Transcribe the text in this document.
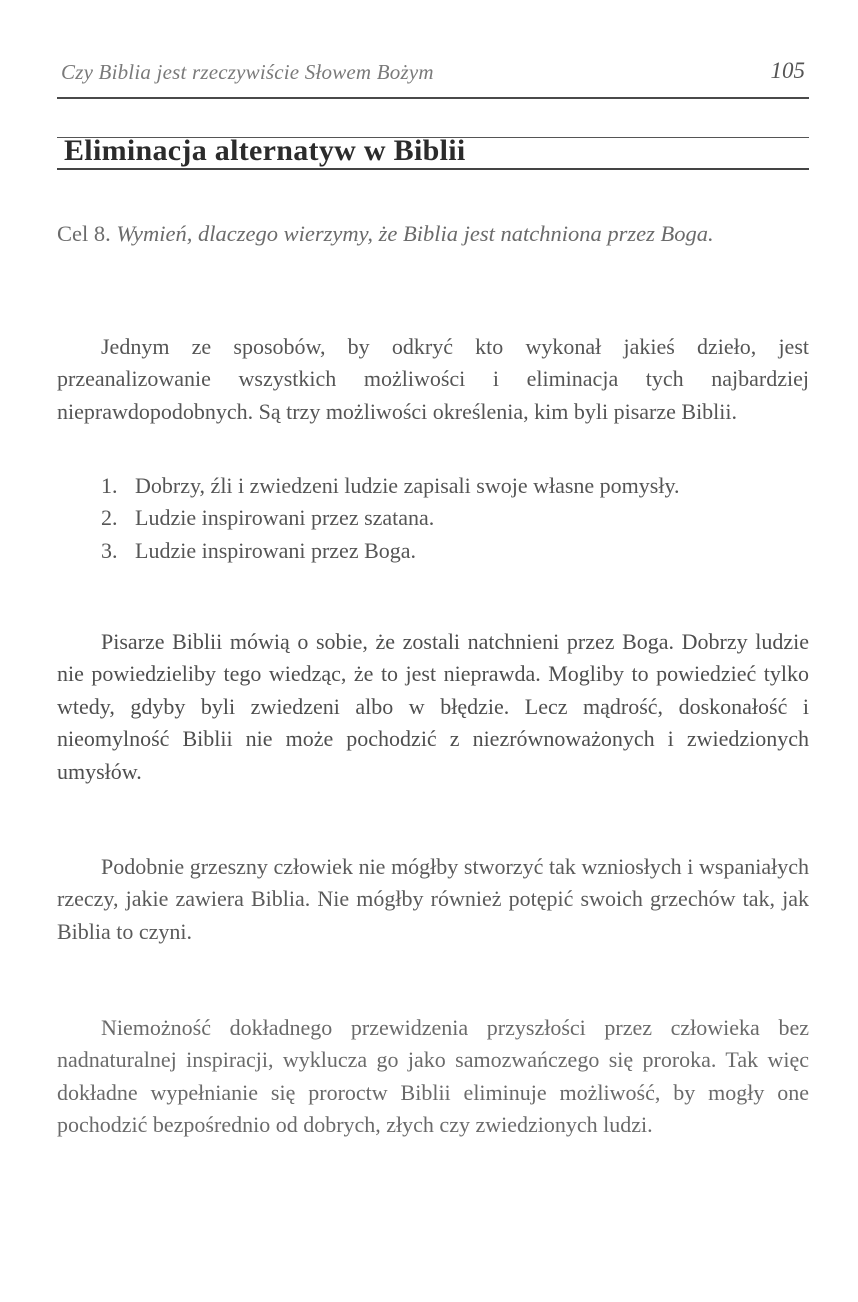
Czy Biblia jest rzeczywiście Słowem Bożym	105
Eliminacja alternatyw w Biblii
Cel 8. Wymień, dlaczego wierzymy, że Biblia jest natchniona przez Boga.

Jednym ze sposobów, by odkryć kto wykonał jakieś dzieło, jest przeanalizowanie wszystkich możliwości i eliminacja tych najbardziej nieprawdopodobnych. Są trzy możliwości określenia, kim byli pisarze Biblii.

1. Dobrzy, źli i zwiedzeni ludzie zapisali swoje własne pomysły.
2. Ludzie inspirowani przez szatana.
3. Ludzie inspirowani przez Boga.

Pisarze Biblii mówią o sobie, że zostali natchnieni przez Boga. Dobrzy ludzie nie powiedzieliby tego wiedząc, że to jest nieprawda. Mogliby to powiedzieć tylko wtedy, gdyby byli zwiedzeni albo w błędzie. Lecz mądrość, doskonałość i nieomylność Biblii nie może pochodzić z niezrównoważonych i zwiedzionych umysłów.

Podobnie grzeszny człowiek nie mógłby stworzyć tak wzniosłych i wspaniałych rzeczy, jakie zawiera Biblia. Nie mógłby również potępić swoich grzechów tak, jak Biblia to czyni.

Niemożność dokładnego przewidzenia przyszłości przez człowieka bez nadnaturalnej inspiracji, wyklucza go jako samozwańczego się proroka. Tak więc dokładne wypełnianie się proroctw Biblii eliminuje możliwość, by mogły one pochodzić bezpośrednio od dobrych, złych czy zwiedzionych ludzi.
